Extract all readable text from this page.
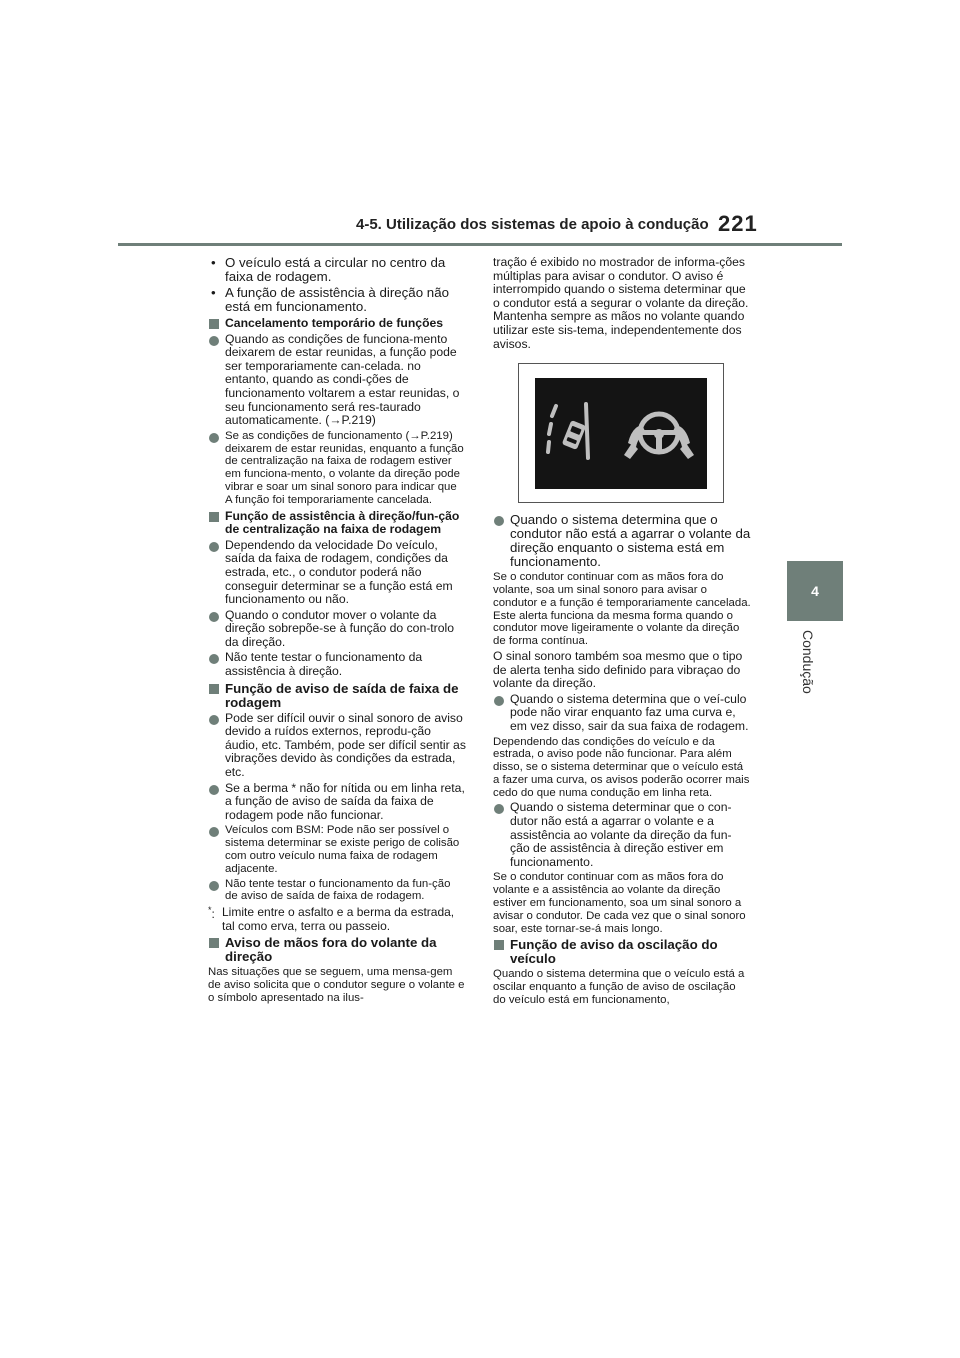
4-5. Utilização dos sistemas de apoio à condução 221
4
Condução

• O veículo está a circular no centro da faixa de rodagem.

• A função de assistência à direção não está em funcionamento.

Cancelamento temporário de funções

Quando as condições de funciona-mento deixarem de estar reunidas, a função pode ser temporariamente can-celada. no entanto, quando as condi-ções de funcionamento voltarem a estar reunidas, o seu funcionamento será res-taurado automaticamente. (→P.219)

Se as condições de funcionamento (→P.219) deixarem de estar reunidas, enquanto a função de centralização na faixa de rodagem estiver em funciona-mento, o volante da direção pode vibrar e soar um sinal sonoro para indicar que A função foi temporariamente cancelada.

Função de assistência à direção/fun-ção de centralização na faixa de rodagem

Dependendo da velocidade Do veículo, saída da faixa de rodagem, condições da estrada, etc., o condutor poderá não conseguir determinar se a função está em funcionamento ou não.

Quando o condutor mover o volante da direção sobrepõe-se à função do con-trolo da direção.

Não tente testar o funcionamento da assistência à direção.

Função de aviso de saída de faixa de rodagem

Pode ser difícil ouvir o sinal sonoro de aviso devido a ruídos externos, reprodu-ção áudio, etc. Também, pode ser difícil sentir as vibrações devido às condições da estrada, etc.

Se a berma * não for nítida ou em linha reta, a função de aviso de saída da faixa de rodagem pode não funcionar.

Veículos com BSM: Pode não ser possível o sistema determinar se existe perigo de colisão com outro veículo numa faixa de rodagem adjacente.

Não tente testar o funcionamento da fun-ção de aviso de saída de faixa de rodagem.

*: Limite entre o asfalto e a berma da estrada, tal como erva, terra ou passeio.

Aviso de mãos fora do volante da direção

Nas situações que se seguem, uma mensa-gem de aviso solicita que o condutor segure o volante e o símbolo apresentado na ilus-

tração é exibido no mostrador de informa-ções múltiplas para avisar o condutor. O aviso é interrompido quando o sistema determinar que o condutor está a segurar o volante da direção. Mantenha sempre as mãos no volante quando utilizar este sis-tema, independentemente dos avisos.

Quando o sistema determina que o condutor não está a agarrar o volante da direção enquanto o sistema está em funcionamento.

Se o condutor continuar com as mãos fora do volante, soa um sinal sonoro para avisar o condutor e a função é temporariamente cancelada. Este alerta funciona da mesma forma quando o condutor move ligeiramente o volante da direção de forma contínua.

O sinal sonoro também soa mesmo que o tipo de alerta tenha sido definido para vibraçao do volante da direção.

Quando o sistema determina que o veí-culo pode não virar enquanto faz uma curva e, em vez disso, sair da sua faixa de rodagem.

Dependendo das condições do veículo e da estrada, o aviso pode não funcionar. Para além disso, se o sistema determinar que o veículo está a fazer uma curva, os avisos poderão ocorrer mais cedo do que numa condução em linha reta.

Quando o sistema determinar que o con-dutor não está a agarrar o volante e a assistência ao volante da direção da fun-ção de assistência à direção estiver em funcionamento.

Se o condutor continuar com as mãos fora do volante e a assistência ao volante da direção estiver em funcionamento, soa um sinal sonoro a avisar o condutor. De cada vez que o sinal sonoro soar, este tornar-se-á mais longo.

Função de aviso da oscilação do veículo

Quando o sistema determina que o veículo está a oscilar enquanto a função de aviso de oscilação do veículo está em funcionamento,
